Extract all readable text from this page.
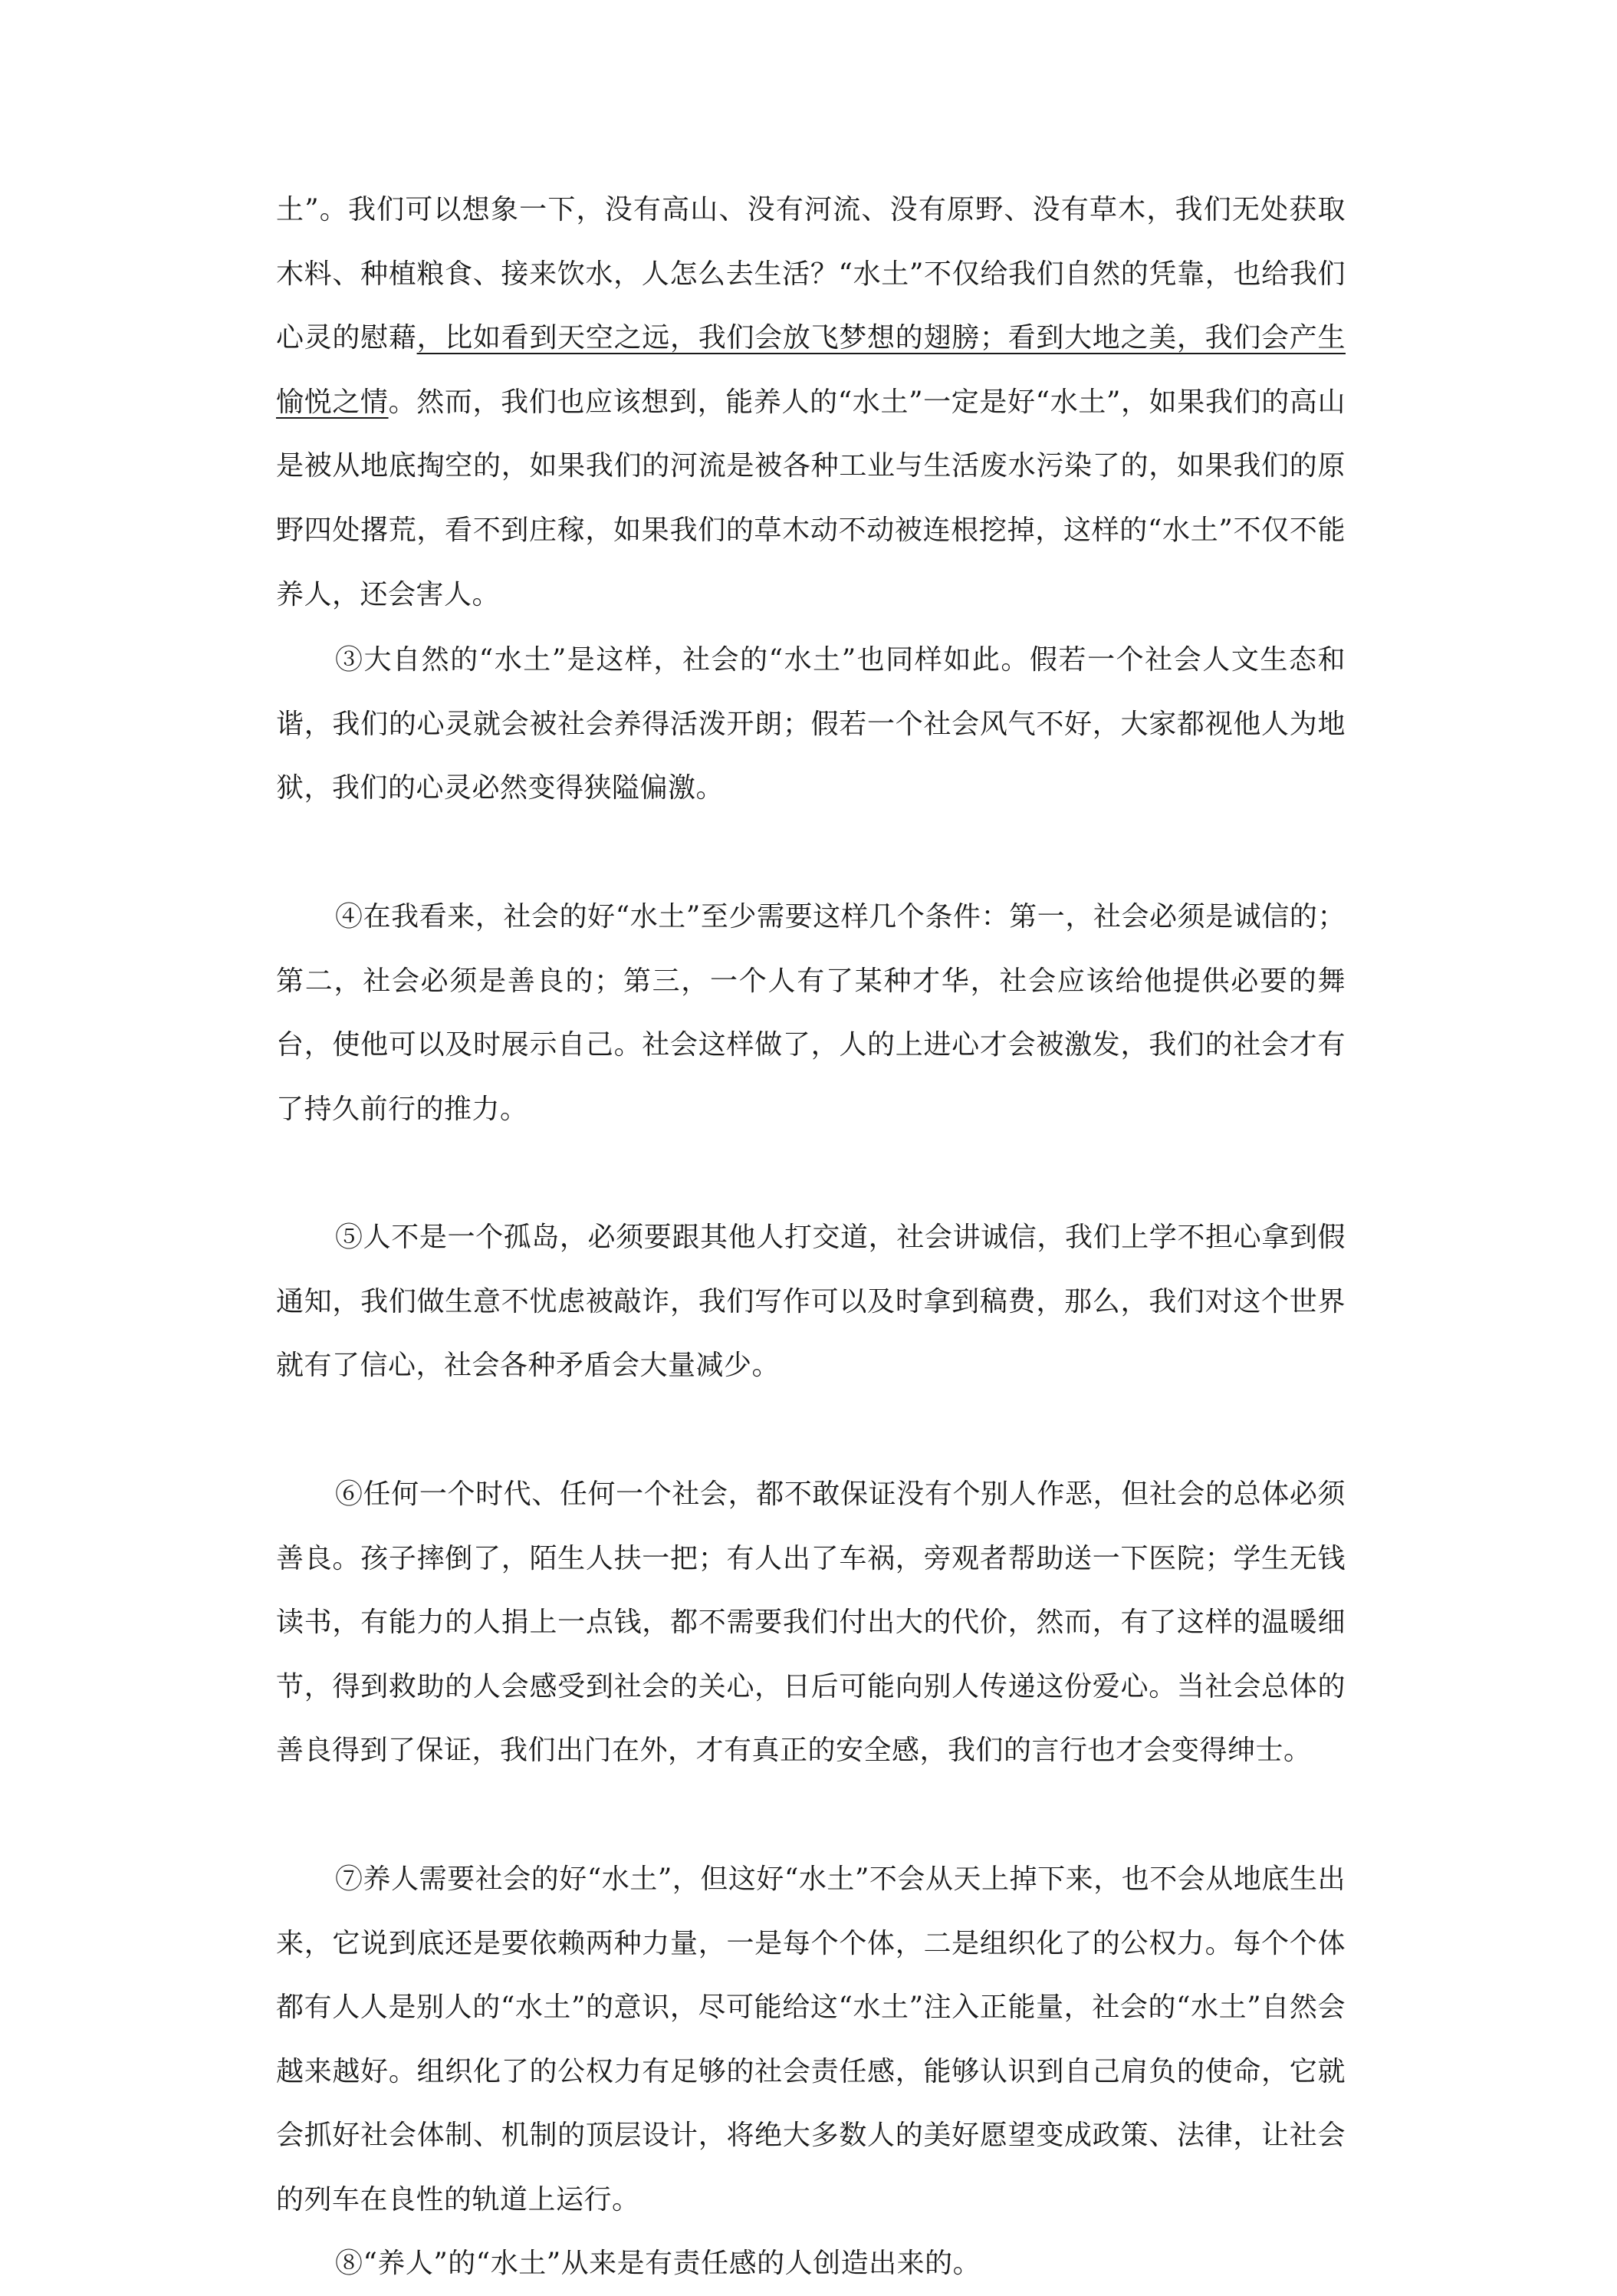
土”。我们可以想象一下，没有高山、没有河流、没有原野、没有草木，我们无处获取木料、种植粮食、接来饮水，人怎么去生活？“水土”不仅给我们自然的凭靠，也给我们心灵的慰藉，比如看到天空之远，我们会放飞梦想的翅膀；看到大地之美，我们会产生愉悦之情。然而，我们也应该想到，能养人的“水土”一定是好“水土”，如果我们的高山是被从地底掏空的，如果我们的河流是被各种工业与生活废水污染了的，如果我们的原野四处撂荒，看不到庄稼，如果我们的草木动不动被连根挖掉，这样的“水土”不仅不能养人，还会害人。

③大自然的“水土”是这样，社会的“水土”也同样如此。假若一个社会人文生态和谐，我们的心灵就会被社会养得活泼开朗；假若一个社会风气不好，大家都视他人为地狱，我们的心灵必然变得狭隘偏激。

④在我看来，社会的好“水土”至少需要这样几个条件：第一，社会必须是诚信的；第二，社会必须是善良的；第三，一个人有了某种才华，社会应该给他提供必要的舞台，使他可以及时展示自己。社会这样做了，人的上进心才会被激发，我们的社会才有了持久前行的推力。

⑤人不是一个孤岛，必须要跟其他人打交道，社会讲诚信，我们上学不担心拿到假通知，我们做生意不忧虑被敲诈，我们写作可以及时拿到稿费，那么，我们对这个世界就有了信心，社会各种矛盾会大量减少。

⑥任何一个时代、任何一个社会，都不敢保证没有个别人作恶，但社会的总体必须善良。孩子摔倒了，陌生人扶一把；有人出了车祸，旁观者帮助送一下医院；学生无钱读书，有能力的人捐上一点钱，都不需要我们付出大的代价，然而，有了这样的温暖细节，得到救助的人会感受到社会的关心，日后可能向别人传递这份爱心。当社会总体的善良得到了保证，我们出门在外，才有真正的安全感，我们的言行也才会变得绅士。

⑦养人需要社会的好“水土”，但这好“水土”不会从天上掉下来，也不会从地底生出来，它说到底还是要依赖两种力量，一是每个个体，二是组织化了的公权力。每个个体都有人人是别人的“水土”的意识，尽可能给这“水土”注入正能量，社会的“水土”自然会越来越好。组织化了的公权力有足够的社会责任感，能够认识到自己肩负的使命，它就会抓好社会体制、机制的顶层设计，将绝大多数人的美好愿望变成政策、法律，让社会的列车在良性的轨道上运行。

⑧“养人”的“水土”从来是有责任感的人创造出来的。
